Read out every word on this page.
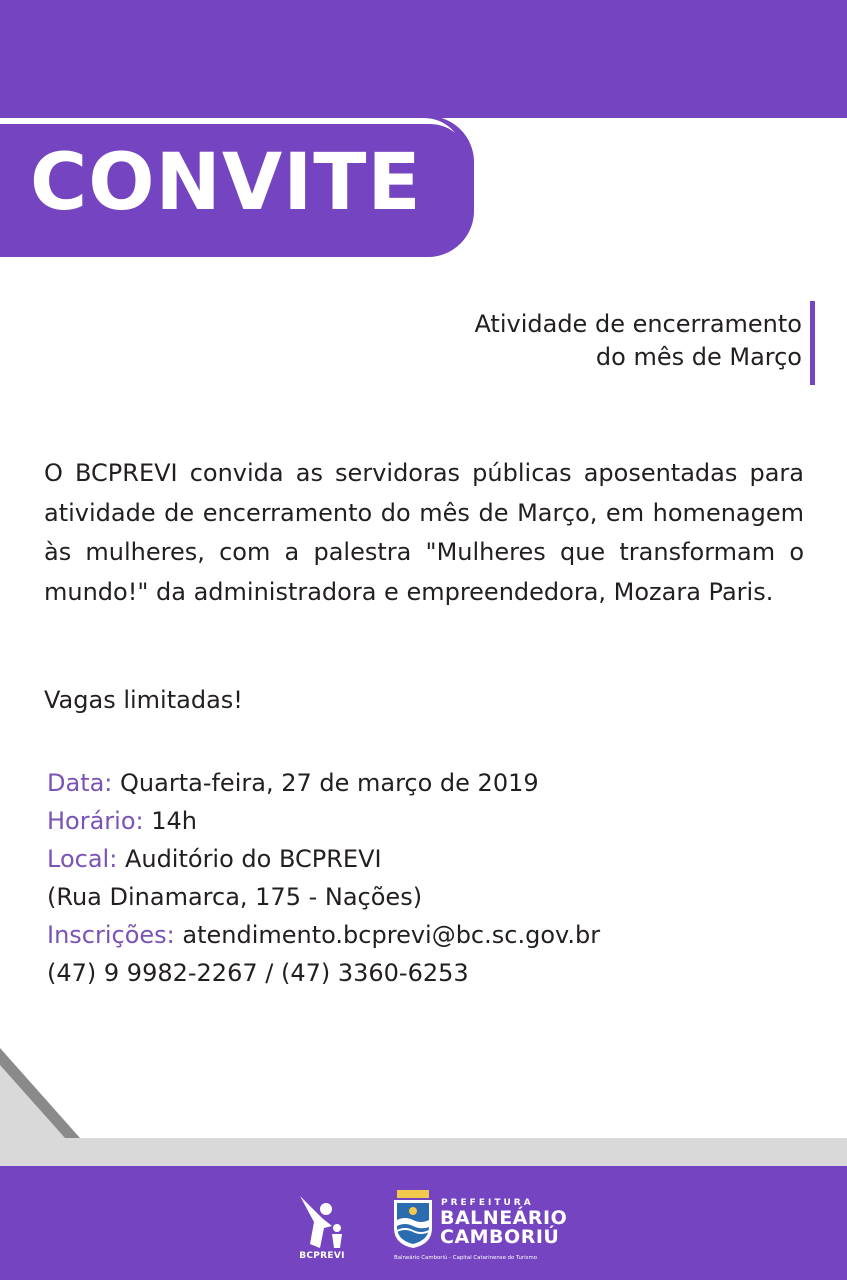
CONVITE
Atividade de encerramento
do mês de Março

O BCPREVI convida as servidoras públicas aposentadas para atividade de encerramento do mês de Março, em homenagem às mulheres, com a palestra "Mulheres que transformam o mundo!" da administradora e empreendedora, Mozara Paris.

Vagas limitadas!

Data: Quarta-feira, 27 de março de 2019
Horário: 14h
Local: Auditório do BCPREVI
(Rua Dinamarca, 175 - Nações)
Inscrições: atendimento.bcprevi@bc.sc.gov.br
(47) 9 9982-2267 / (47) 3360-6253
BCPREVI
PREFEITURA
BALNEÁRIO
CAMBORIÚ
Balneário Camboriú - Capital Catarinense do Turismo
